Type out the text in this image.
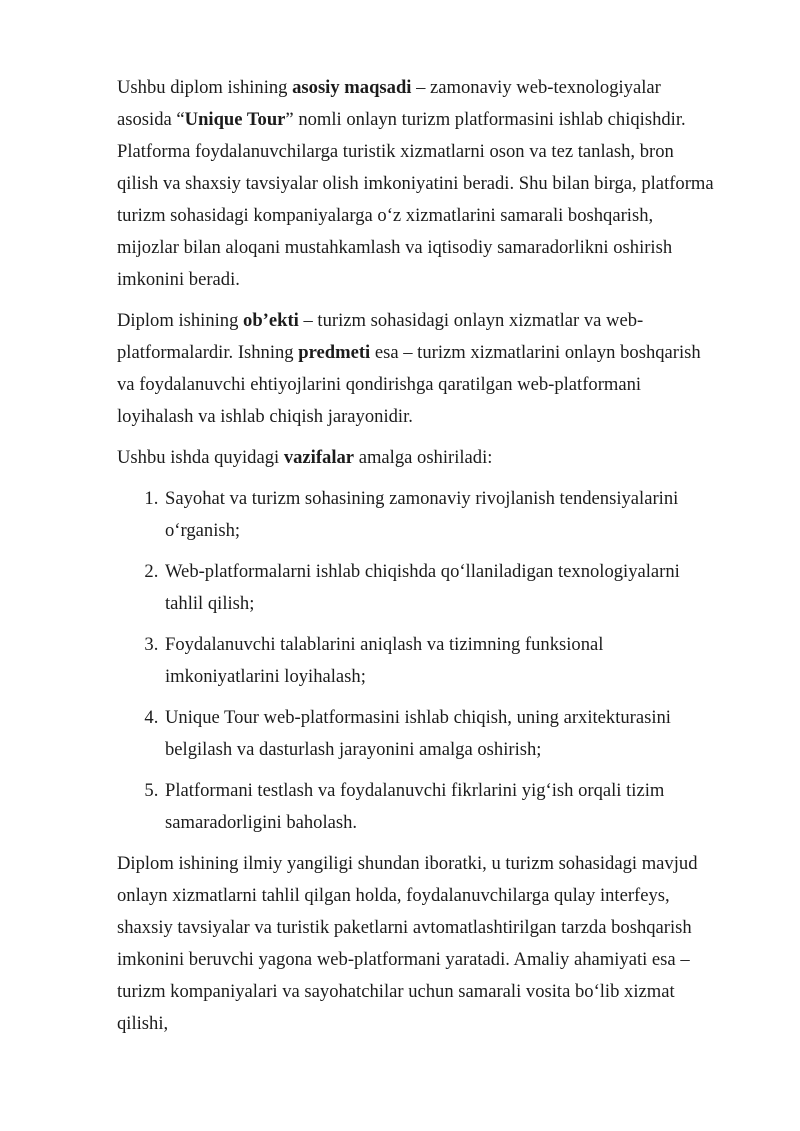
Ushbu diplom ishining asosiy maqsadi – zamonaviy web-texnologiyalar asosida “Unique Tour” nomli onlayn turizm platformasini ishlab chiqishdir. Platforma foydalanuvchilarga turistik xizmatlarni oson va tez tanlash, bron qilish va shaxsiy tavsiyalar olish imkoniyatini beradi. Shu bilan birga, platforma turizm sohasidagi kompaniyalarga o‘z xizmatlarini samarali boshqarish, mijozlar bilan aloqani mustahkamlash va iqtisodiy samaradorlikni oshirish imkonini beradi.

Diplom ishining ob’ekti – turizm sohasidagi onlayn xizmatlar va web-platformalardir. Ishning predmeti esa – turizm xizmatlarini onlayn boshqarish va foydalanuvchi ehtiyojlarini qondirishga qaratilgan web-platformani loyihalash va ishlab chiqish jarayonidir.

Ushbu ishda quyidagi vazifalar amalga oshiriladi:

1. Sayohat va turizm sohasining zamonaviy rivojlanish tendensiyalarini o‘rganish;
2. Web-platformalarni ishlab chiqishda qo‘llaniladigan texnologiyalarni tahlil qilish;
3. Foydalanuvchi talablarini aniqlash va tizimning funksional imkoniyatlarini loyihalash;
4. Unique Tour web-platformasini ishlab chiqish, uning arxitekturasini belgilash va dasturlash jarayonini amalga oshirish;
5. Platformani testlash va foydalanuvchi fikrlarini yig‘ish orqali tizim samaradorligini baholash.

Diplom ishining ilmiy yangiligi shundan iboratki, u turizm sohasidagi mavjud onlayn xizmatlarni tahlil qilgan holda, foydalanuvchilarga qulay interfeys, shaxsiy tavsiyalar va turistik paketlarni avtomatlashtirilgan tarzda boshqarish imkonini beruvchi yagona web-platformani yaratadi. Amaliy ahamiyati esa – turizm kompaniyalari va sayohatchilar uchun samarali vosita bo‘lib xizmat qilishi,
